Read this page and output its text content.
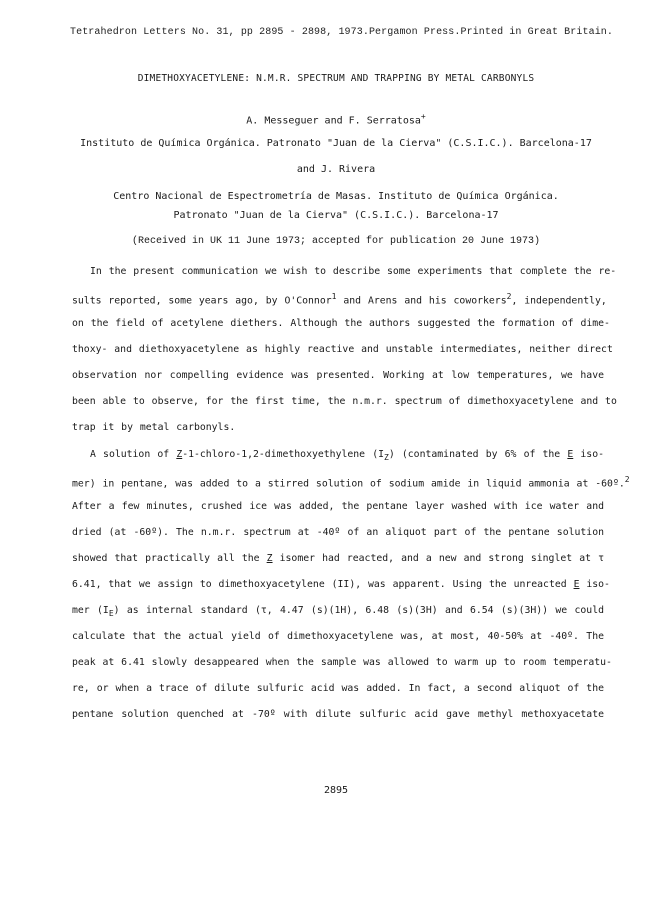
Tetrahedron Letters No. 31, pp 2895 - 2898, 1973. Pergamon Press. Printed in Great Britain.
DIMETHOXYACETYLENE: N.M.R. SPECTRUM AND TRAPPING BY METAL CARBONYLS
A. Messeguer and F. Serratosa+
Instituto de Química Orgánica. Patronato "Juan de la Cierva" (C.S.I.C.). Barcelona-17
and J. Rivera
Centro Nacional de Espectrometría de Masas. Instituto de Química Orgánica.
Patronato "Juan de la Cierva" (C.S.I.C.). Barcelona-17
(Received in UK 11 June 1973; accepted for publication 20 June 1973)
In the present communication we wish to describe some experiments that complete the re-
sults reported, some years ago, by O'Connor$^1$ and Arens and his coworkers$^2$, independently,
on the field of acetylene diethers. Although the authors suggested the formation of dime-
thoxy- and diethoxyacetylene as highly reactive and unstable intermediates, neither direct
observation nor compelling evidence was presented. Working at low temperatures, we have
been able to observe, for the first time, the n.m.r. spectrum of dimethoxyacetylene and to
trap it by metal carbonyls.
A solution of Z-1-chloro-1,2-dimethoxyethylene $(I_Z)$ (contaminated by 6% of the E iso-
mer) in pentane, was added to a stirred solution of sodium amide in liquid ammonia at -60º.$^2$
After a few minutes, crushed ice was added, the pentane layer washed with ice water and
dried (at -60º). The n.m.r. spectrum at -40º of an aliquot part of the pentane solution
showed that practically all the Z isomer had reacted, and a new and strong singlet at τ
6.41, that we assign to dimethoxyacetylene (II), was apparent. Using the unreacted E iso-
mer $(I_E)$ as internal standard (τ, 4.47 (s)(1H), 6.48 (s)(3H) and 6.54 (s)(3H)) we could
calculate that the actual yield of dimethoxyacetylene was, at most, 40-50% at -40º. The
peak at 6.41 slowly desappeared when the sample was allowed to warm up to room temperatu-
re, or when a trace of dilute sulfuric acid was added. In fact, a second aliquot of the
pentane solution quenched at -70º with dilute sulfuric acid gave methyl methoxyacetate
2895
